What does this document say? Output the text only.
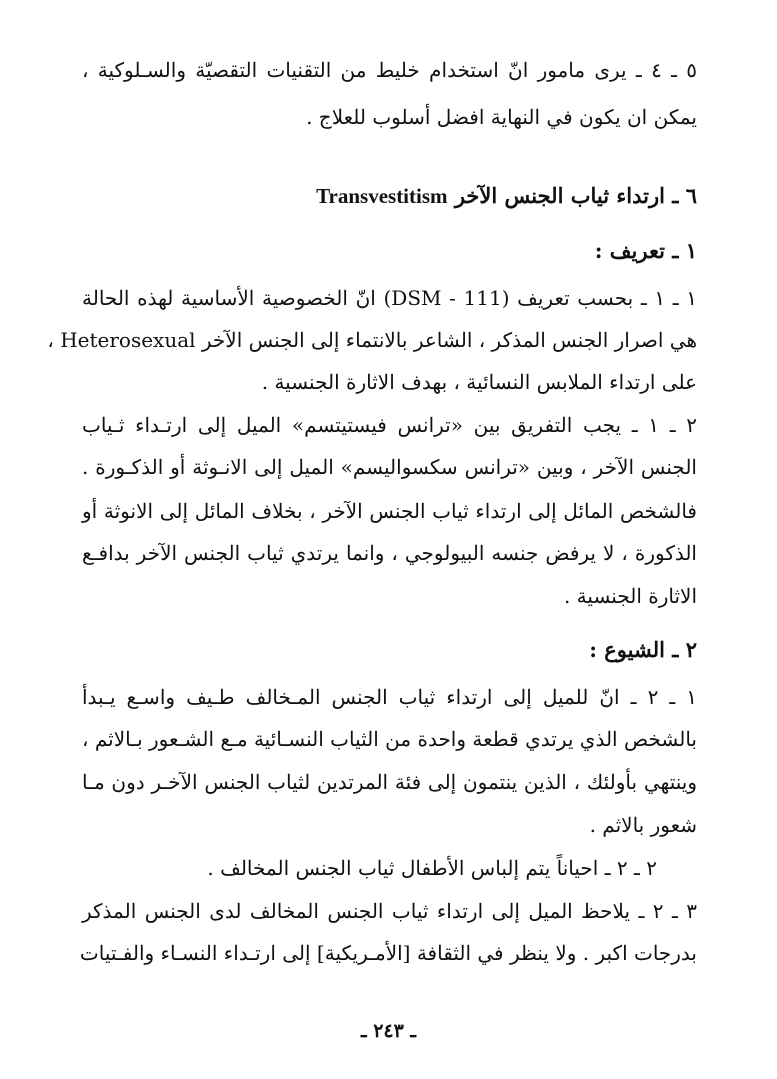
٥ ـ ٤ ـ يرى مامور انّ استخدام خليط من التقنيات التقصيّة والسـلوكية ،
يمكن ان يكون في النهاية افضل أسلوب للعلاج .
٦ ـ ارتداء ثياب الجنس الآخر Transvestitism
١ ـ تعريف :
١ ـ ١ ـ بحسب تعريف (DSM - 111) انّ الخصوصية الأساسية لهذه الحالة
هي اصرار الجنس المذكر ، الشاعر بالانتماء إلى الجنس الآخر Heterosexual ،
على ارتداء الملابس النسائية ، بهدف الاثارة الجنسية .
٢ ـ ١ ـ يجب التفريق بين «ترانس فيستيتسم» الميل إلى ارتـداء ثـياب
الجنس الآخر ، وبين «ترانس سكسواليسم» الميل إلى الانـوثة أو الذكـورة .
فالشخص المائل إلى ارتداء ثياب الجنس الآخر ، بخلاف المائل إلى الانوثة أو
الذكورة ، لا يرفض جنسه البيولوجي ، وانما يرتدي ثياب الجنس الآخر بدافـع
الاثارة الجنسية .
٢ ـ الشيوع :
١ ـ ٢ ـ انّ للميل إلى ارتداء ثياب الجنس المـخالف طـيف واسـع يـبدأ
بالشخص الذي يرتدي قطعة واحدة من الثياب النسـائية مـع الشـعور بـالاثم ،
وينتهي بأولئك ، الذين ينتمون إلى فئة المرتدين لثياب الجنس الآخـر دون مـا
شعور بالاثم .
٢ ـ ٢ ـ احياناً يتم إلباس الأطفال ثياب الجنس المخالف .
٣ ـ ٢ ـ يلاحظ الميل إلى ارتداء ثياب الجنس المخالف لدى الجنس المذكر
بدرجات اكبر . ولا ينظر في الثقافة [الأمـريكية] إلى ارتـداء النسـاء والفـتيات
ـ ٢٤٣ ـ
